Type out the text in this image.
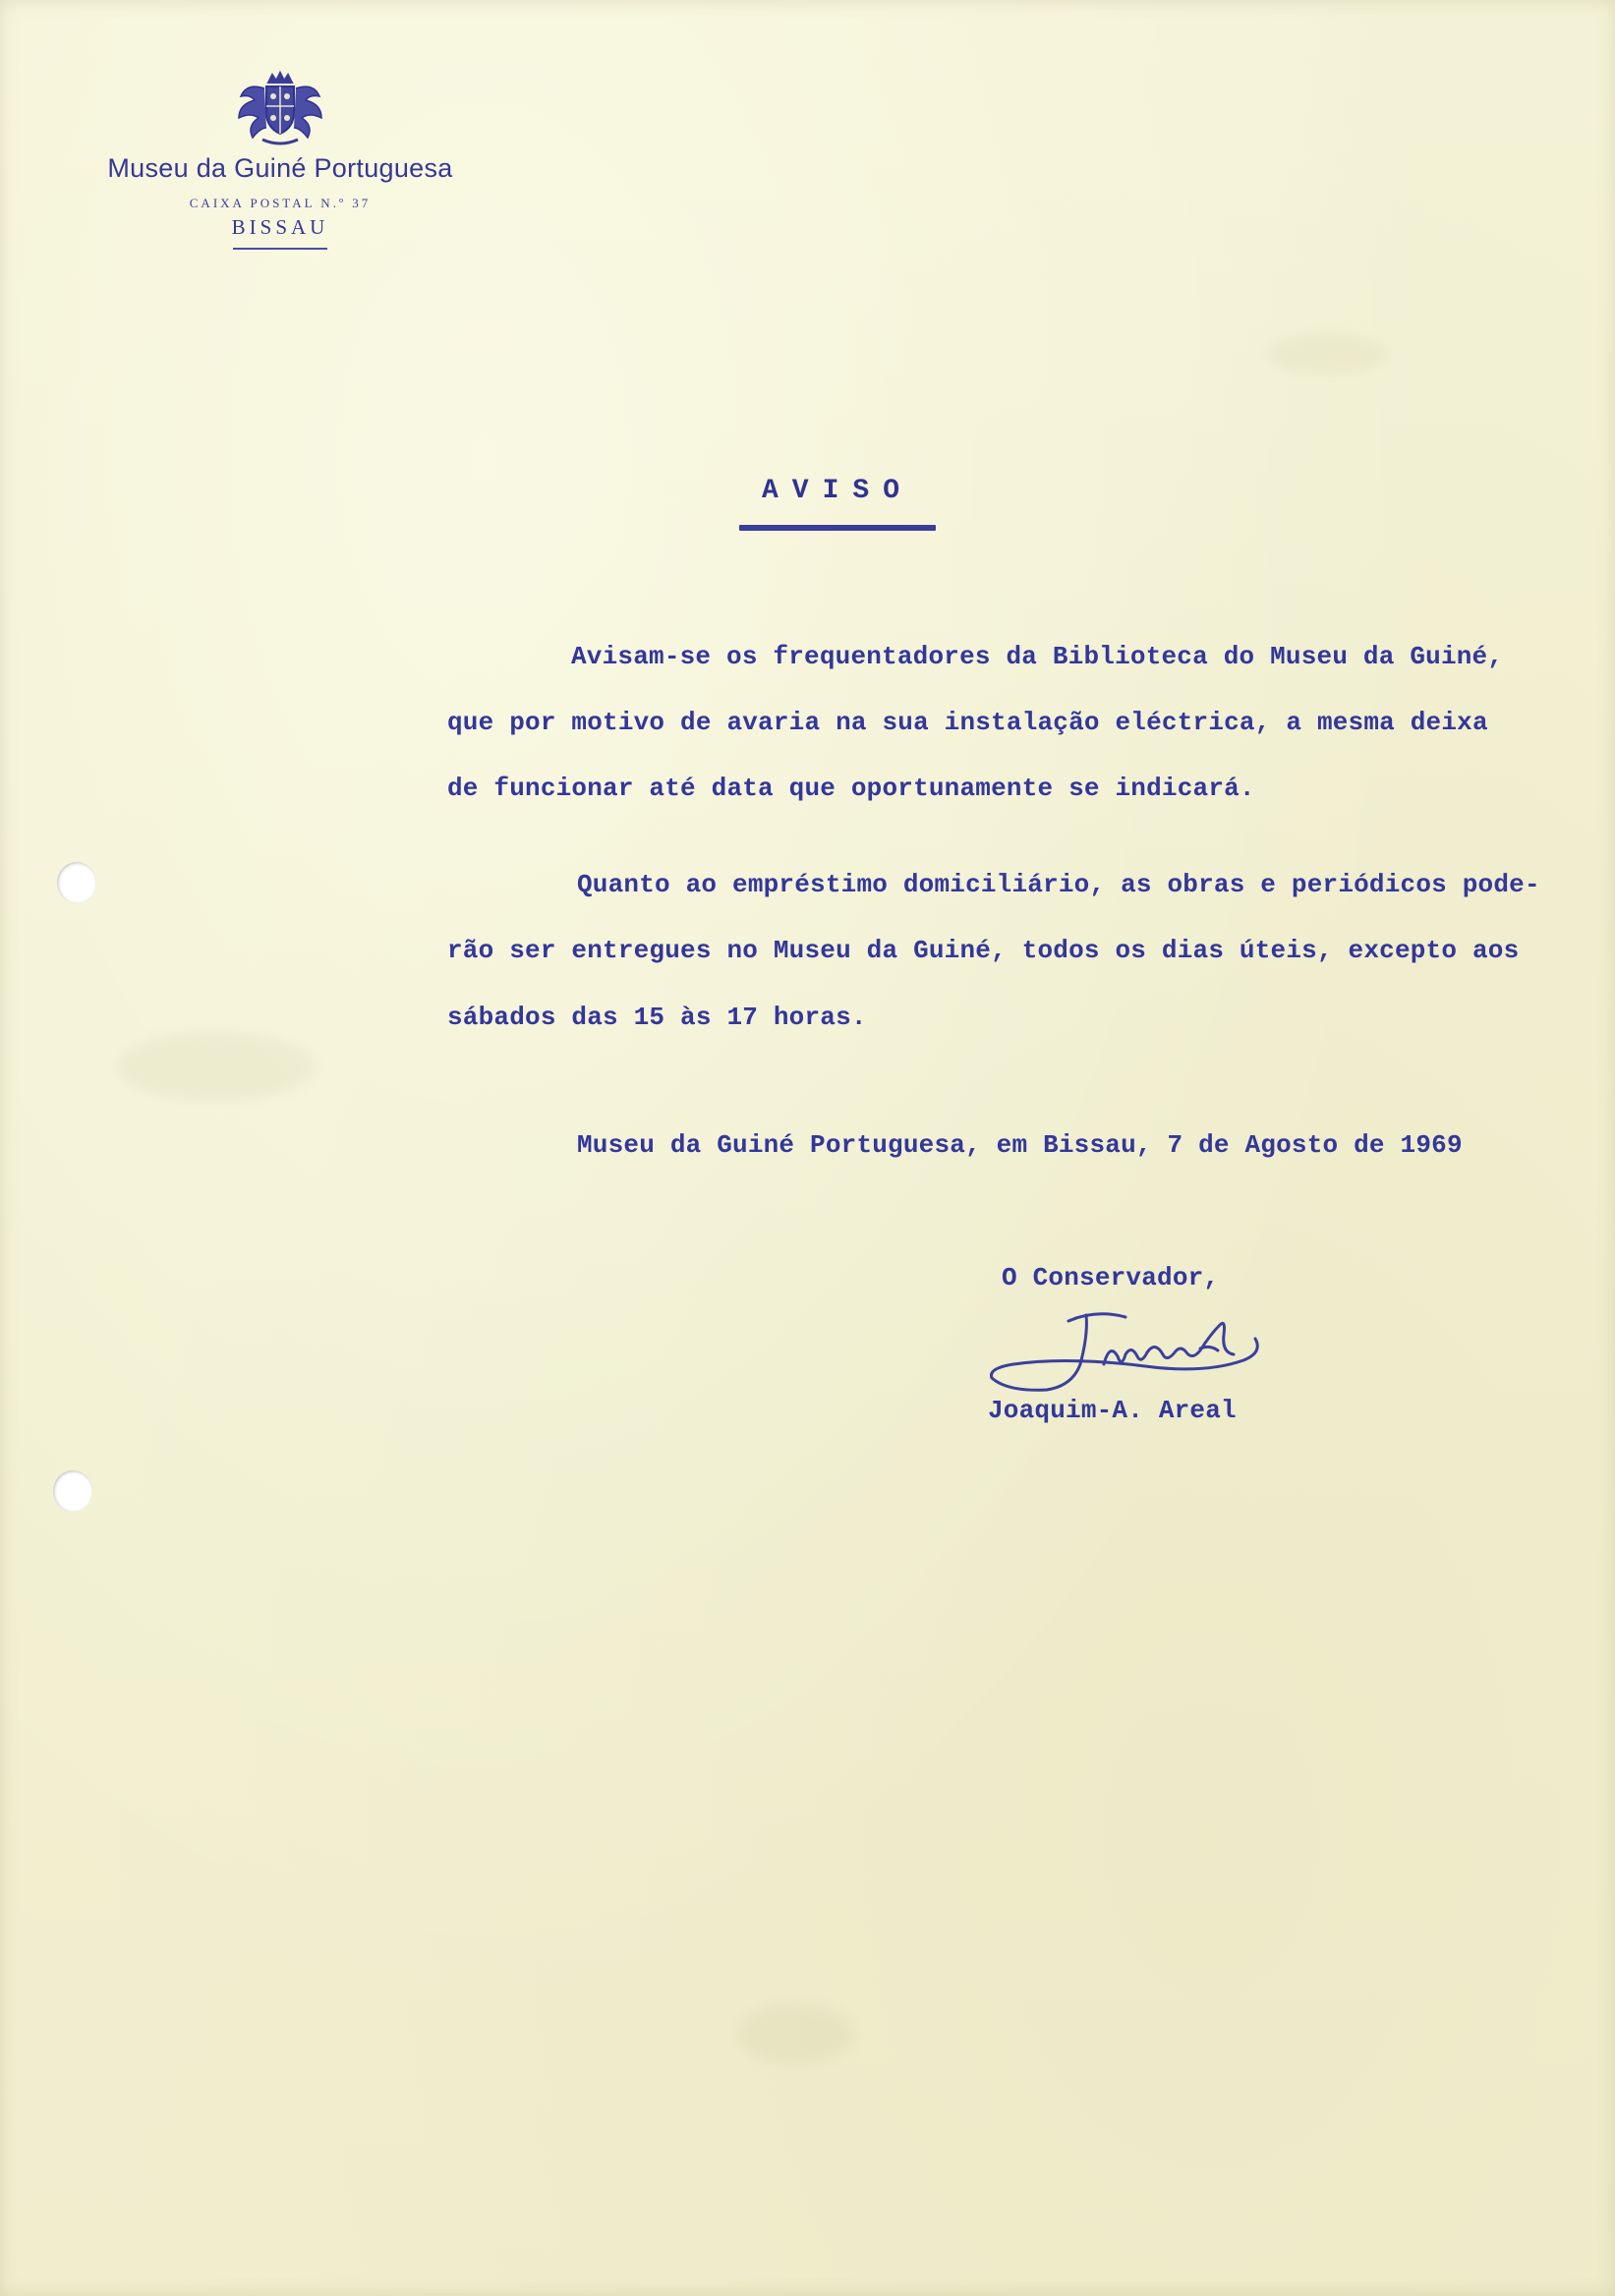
Museu da Guiné Portuguesa
CAIXA POSTAL N.º 37
BISSAU
AVISO
Avisam-se os frequentadores da Biblioteca do Museu da Guiné,
que por motivo de avaria na sua instalação eléctrica, a mesma deixa
de funcionar até data que oportunamente se indicará.
Quanto ao empréstimo domiciliário, as obras e periódicos pode-
rão ser entregues no Museu da Guiné, todos os dias úteis, excepto aos
sábados das 15 às 17 horas.
Museu da Guiné Portuguesa, em Bissau, 7 de Agosto de 1969
O Conservador,
Joaquim-A. Areal
